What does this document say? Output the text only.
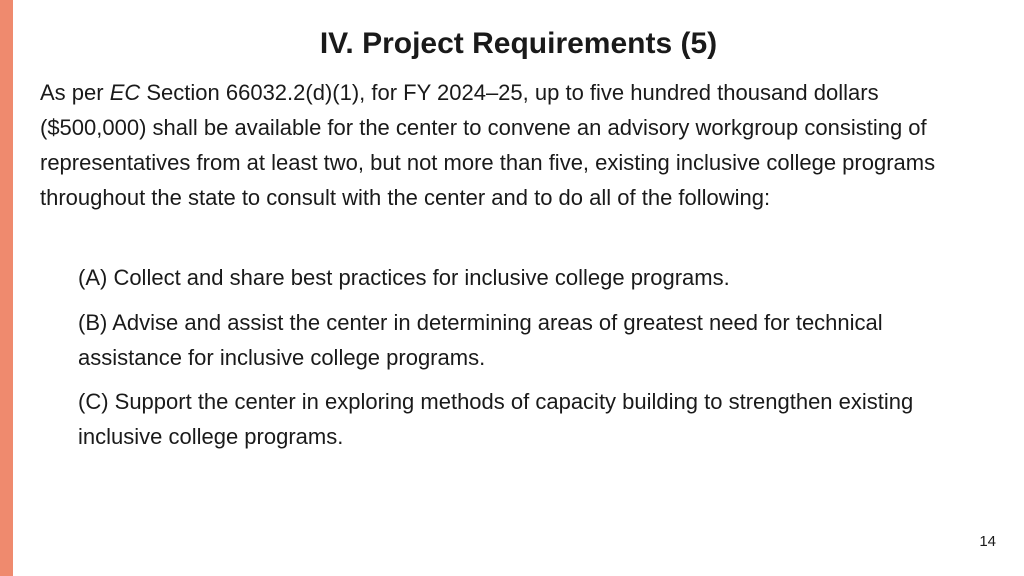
IV. Project Requirements (5)

As per EC Section 66032.2(d)(1), for FY 2024–25, up to five hundred thousand dollars ($500,000) shall be available for the center to convene an advisory workgroup consisting of representatives from at least two, but not more than five, existing inclusive college programs throughout the state to consult with the center and to do all of the following:

(A) Collect and share best practices for inclusive college programs.

(B) Advise and assist the center in determining areas of greatest need for technical assistance for inclusive college programs.

(C) Support the center in exploring methods of capacity building to strengthen existing inclusive college programs.

14
